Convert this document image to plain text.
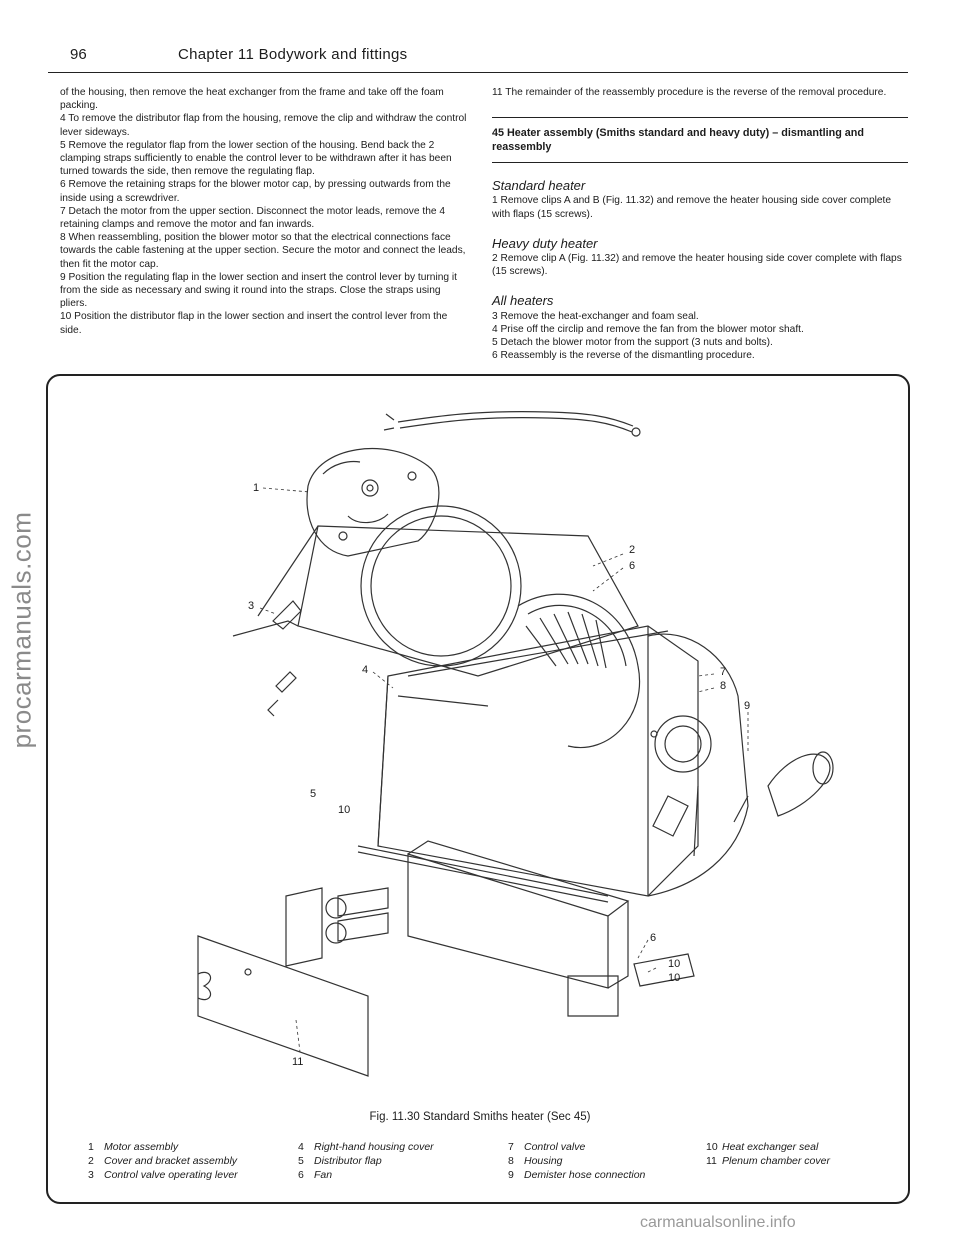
procarmanuals.com
96	Chapter 11 Bodywork and fittings

of the housing, then remove the heat exchanger from the frame and take off the foam packing.

4 To remove the distributor flap from the housing, remove the clip and withdraw the control lever sideways.

5 Remove the regulator flap from the lower section of the housing. Bend back the 2 clamping straps sufficiently to enable the control lever to be withdrawn after it has been turned towards the side, then remove the regulating flap.

6 Remove the retaining straps for the blower motor cap, by pressing outwards from the inside using a screwdriver.

7 Detach the motor from the upper section. Disconnect the motor leads, remove the 4 retaining clamps and remove the motor and fan inwards.

8 When reassembling, position the blower motor so that the electrical connections face towards the cable fastening at the upper section. Secure the motor and connect the leads, then fit the motor cap.

9 Position the regulating flap in the lower section and insert the control lever by turning it from the side as necessary and swing it round into the straps. Close the straps using pliers.

10 Position the distributor flap in the lower section and insert the control lever from the side.

11 The remainder of the reassembly procedure is the reverse of the removal procedure.

45 Heater assembly (Smiths standard and heavy duty) – dismantling and reassembly
Standard heater

1 Remove clips A and B (Fig. 11.32) and remove the heater housing side cover complete with flaps (15 screws).

Heavy duty heater

2 Remove clip A (Fig. 11.32) and remove the heater housing side cover complete with flaps (15 screws).

All heaters

3 Remove the heat-exchanger and foam seal.

4 Prise off the circlip and remove the fan from the blower motor shaft.

5 Detach the blower motor from the support (3 nuts and bolts).

6 Reassembly is the reverse of the dismantling procedure.

1
2
6
3
4	7
8
9
5
10
6
10
10
11
Fig. 11.30 Standard Smiths heater (Sec 45)
1 Motor assembly
2 Cover and bracket assembly
3 Control valve operating lever
4 Right-hand housing cover
5 Distributor flap
6 Fan
7 Control valve
8 Housing
9 Demister hose connection
10 Heat exchanger seal
11 Plenum chamber cover
carmanualsonline.info
